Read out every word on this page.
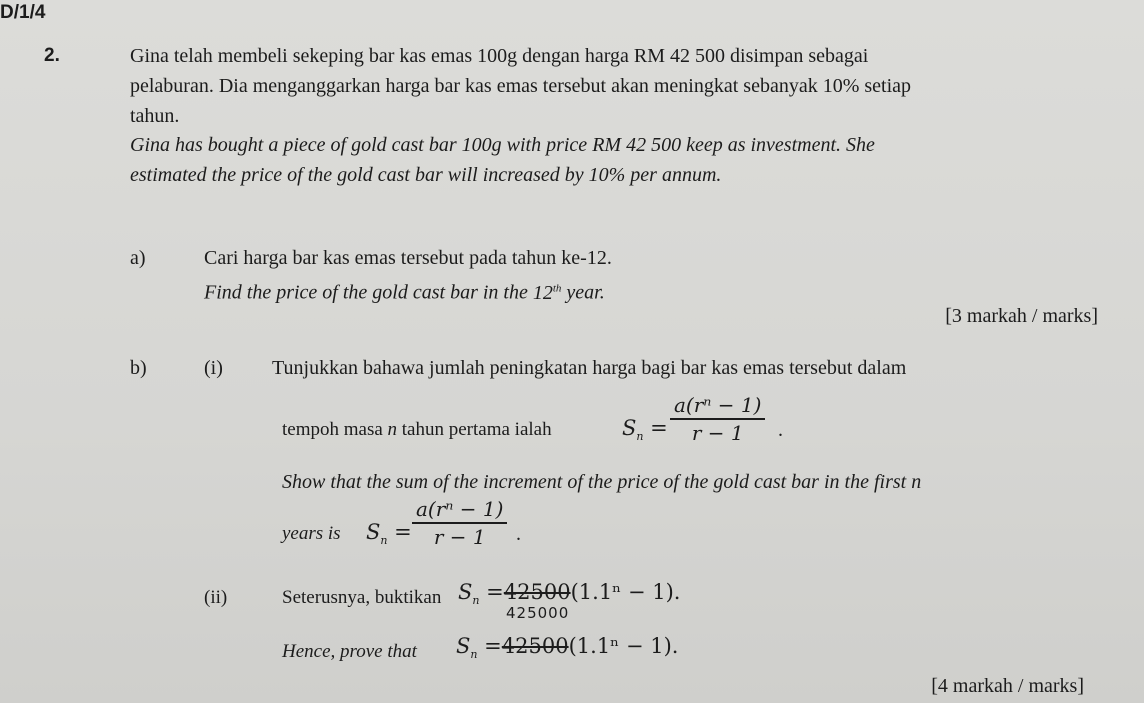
D/1/4
2.	Gina telah membeli sekeping bar kas emas 100g dengan harga RM 42 500 disimpan sebagai
pelaburan. Dia menganggarkan harga bar kas emas tersebut akan meningkat sebanyak 10% setiap
tahun.
Gina has bought a piece of gold cast bar 100g with price RM 42 500 keep as investment. She
estimated the price of the gold cast bar will increased by 10% per annum.
a)	Cari harga bar kas emas tersebut pada tahun ke-12.
Find the price of the gold cast bar in the 12th year.
[3 markah / marks]
b)	(i) Tunjukkan bahawa jumlah peningkatan harga bagi bar kas emas tersebut dalam
tempoh masa n tahun pertama ialah	$S_n$ =
a(rⁿ − 1)
r − 1 .
Show that the sum of the increment of the price of the gold cast bar in the first n
years is $S_n$ =
a(rⁿ − 1)
r − 1 .
(ii)	Seterusnya, buktikan $S_n =42500(1.1^n - 1)$.
425000
Hence, prove that $S_n =42500(1.1^n - 1)$.
[4 markah / marks]
